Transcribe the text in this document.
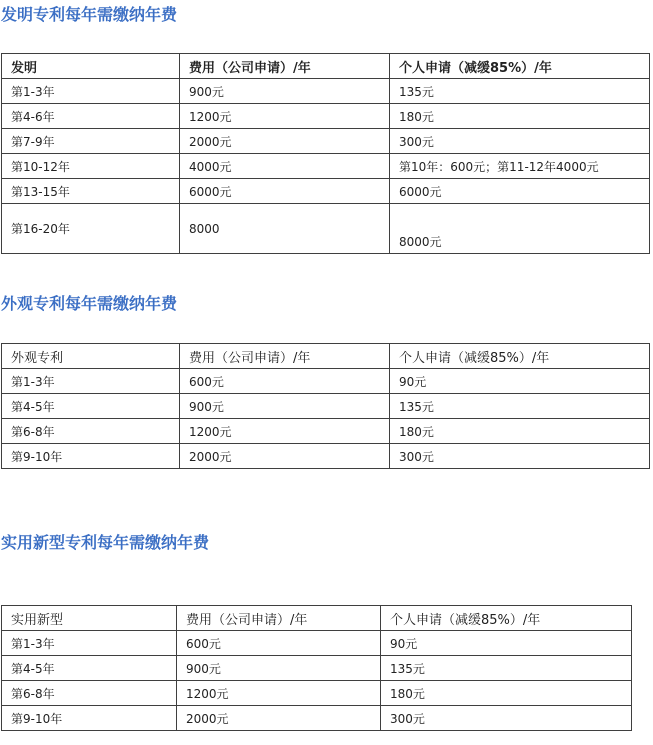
发明专利每年需缴纳年费
发明	费用（公司申请）/年	个人申请（减缓85%）/年
第1-3年	900元	135元
第4-6年	1200元	180元
第7-9年	2000元	300元
第10-12年	4000元	第10年：600元；第11-12年4000元
第13-15年	6000元	6000元
第16-20年	8000	8000元
外观专利每年需缴纳年费
外观专利	费用（公司申请）/年	个人申请（减缓85%）/年
第1-3年	600元	90元
第4-5年	900元	135元
第6-8年	1200元	180元
第9-10年	2000元	300元
实用新型专利每年需缴纳年费
实用新型	费用（公司申请）/年	个人申请（减缓85%）/年
第1-3年	600元	90元
第4-5年	900元	135元
第6-8年	1200元	180元
第9-10年	2000元	300元
